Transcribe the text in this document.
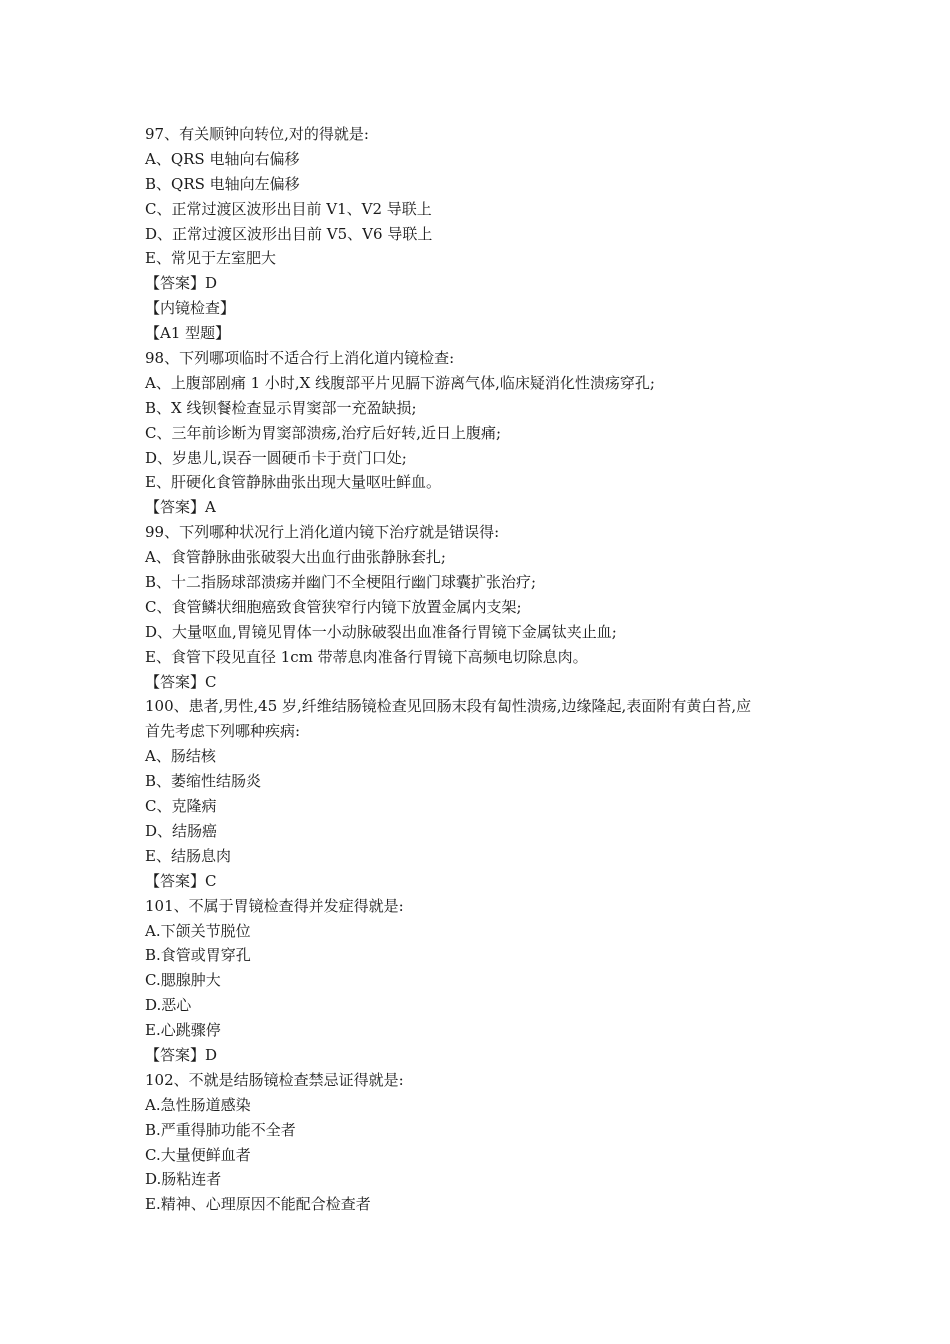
97、有关顺钟向转位,对的得就是:
A、QRS 电轴向右偏移
B、QRS 电轴向左偏移
C、正常过渡区波形出目前 V1、V2 导联上
D、正常过渡区波形出目前 V5、V6 导联上
E、常见于左室肥大
【答案】D
【内镜检查】
【A1 型题】
98、下列哪项临时不适合行上消化道内镜检查:
A、上腹部剧痛 1 小时,X 线腹部平片见膈下游离气体,临床疑消化性溃疡穿孔;
B、X 线钡餐检查显示胃窦部一充盈缺损;
C、三年前诊断为胃窦部溃疡,治疗后好转,近日上腹痛;
D、岁患儿,误吞一圆硬币卡于贲门口处;
E、肝硬化食管静脉曲张出现大量呕吐鲜血。
【答案】A
99、下列哪种状况行上消化道内镜下治疗就是错误得:
A、食管静脉曲张破裂大出血行曲张静脉套扎;
B、十二指肠球部溃疡并幽门不全梗阻行幽门球囊扩张治疗;
C、食管鳞状细胞癌致食管狭窄行内镜下放置金属内支架;
D、大量呕血,胃镜见胃体一小动脉破裂出血准备行胃镜下金属钛夹止血;
E、食管下段见直径 1cm 带蒂息肉准备行胃镜下高频电切除息肉。
【答案】C
100、患者,男性,45 岁,纤维结肠镜检查见回肠末段有匐性溃疡,边缘隆起,表面附有黄白苔,应
首先考虑下列哪种疾病:
A、肠结核
B、萎缩性结肠炎
C、克隆病
D、结肠癌
E、结肠息肉
【答案】C
101、不属于胃镜检查得并发症得就是:
A.下颌关节脱位
B.食管或胃穿孔
C.腮腺肿大
D.恶心
E.心跳骤停
【答案】D
102、不就是结肠镜检查禁忌证得就是:
A.急性肠道感染
B.严重得肺功能不全者
C.大量便鲜血者
D.肠粘连者
E.精神、心理原因不能配合检查者
